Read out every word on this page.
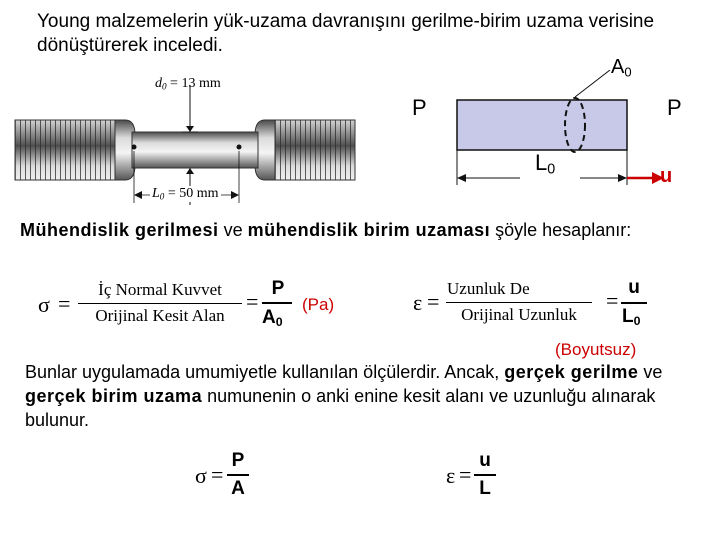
Young malzemelerin yük-uzama davranışını gerilme-birim uzama verisine dönüştürerek inceledi.
$d_0 = 13$ mm
$L_0 = 50$ mm
$A_0$
P	P
$L_0$	u
Mühendislik gerilmesi ve mühendislik birim uzaması şöyle hesaplanır:
σ =
İç Normal Kuvvet
Orijinal Kesit Alan
=
P
$A_0$
(Pa)	ε =
Uzunluk De
Orijinal Uzunluk
=
u
$L_0$
(Boyutsuz)
Bunlar uygulamada umumiyetle kullanılan ölçülerdir. Ancak, gerçek gerilme ve gerçek birim uzama numunenin o anki enine kesit alanı ve uzunluğu alınarak bulunur.
σ =
P
A
ε =
u
L
